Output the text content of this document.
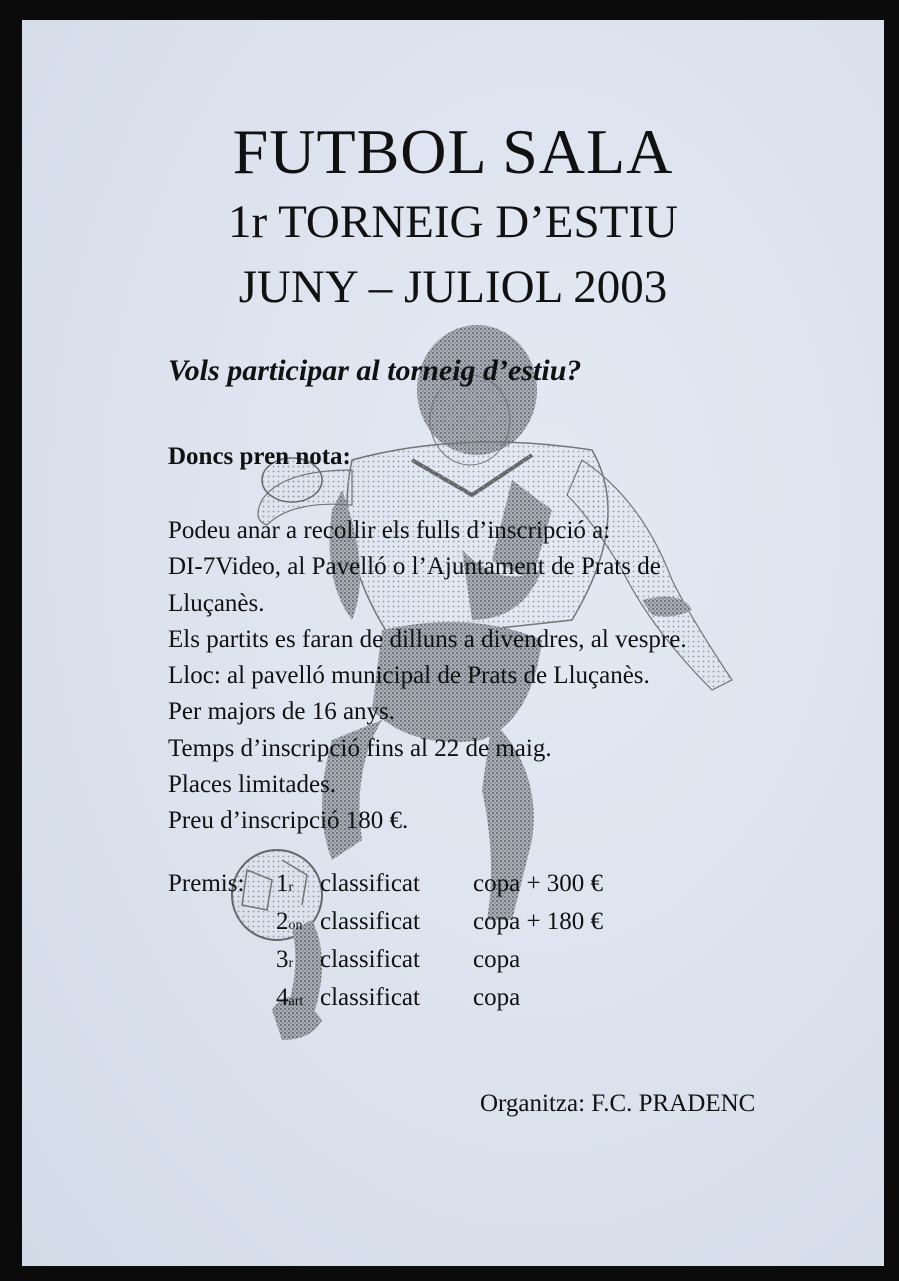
FUTBOL SALA
1r TORNEIG D’ESTIU
JUNY – JULIOL 2003

Vols participar al torneig d’estiu?

Doncs pren nota:

Podeu anar a recollir els fulls d’inscripció a:
DI-7Video, al Pavelló o l’Ajuntament de Prats de
Lluçanès.
Els partits es faran de dilluns a divendres, al vespre.
Lloc: al pavelló municipal de Prats de Lluçanès.
Per majors de 16 anys.
Temps d’inscripció fins al 22 de maig.
Places limitades.
Preu d’inscripció 180 €.
Premis: 1r classificat copa + 300 €
2on classificat copa + 180 €
3r classificat copa
4art classificat copa
Organitza: F.C. PRADENC
